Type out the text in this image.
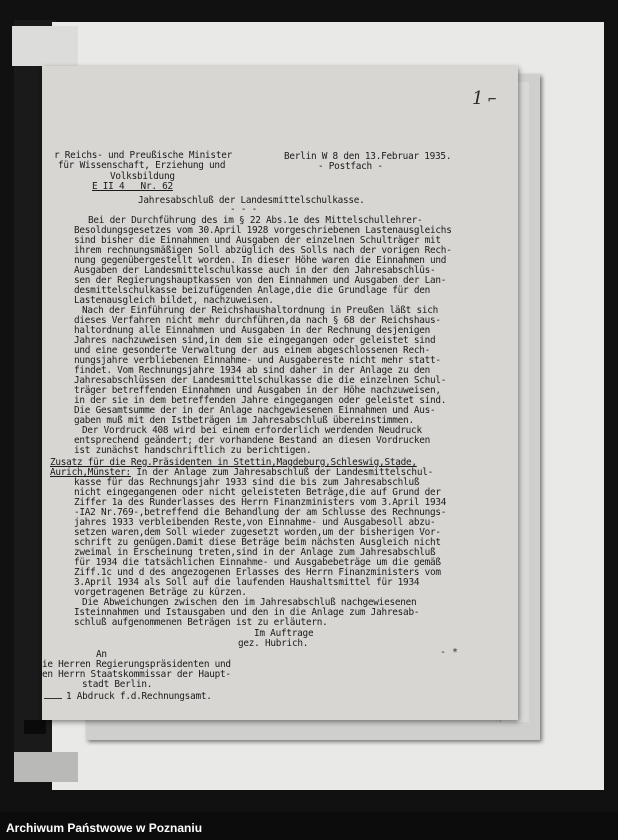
1 ⌐
r Reichs- und Preußische Minister
für Wissenschaft, Erziehung und
Volksbildung
E II 4   Nr. 62
Berlin W 8 den 13.Februar 1935.
- Postfach -
Jahresabschluß der Landesmittelschulkasse.
- - -
Bei der Durchführung des im § 22 Abs.1e des Mittelschullehrer-
Besoldungsgesetzes vom 30.April 1928 vorgeschriebenen Lastenausgleichs
sind bisher die Einnahmen und Ausgaben der einzelnen Schulträger mit
ihrem rechnungsmäßigen Soll abzüglich des Solls nach der vorigen Rech-
nung gegenübergestellt worden. In dieser Höhe waren die Einnahmen und
Ausgaben der Landesmittelschulkasse auch in der den Jahresabschlüs-
sen der Regierungshauptkassen von den Einnahmen und Ausgaben der Lan-
desmittelschulkasse beizufügenden Anlage,die die Grundlage für den
Lastenausgleich bildet, nachzuweisen.
Nach der Einführung der Reichshaushaltordnung in Preußen läßt sich
dieses Verfahren nicht mehr durchführen,da nach § 68 der Reichshaus-
haltordnung alle Einnahmen und Ausgaben in der Rechnung desjenigen
Jahres nachzuweisen sind,in dem sie eingegangen oder geleistet sind
und eine gesonderte Verwaltung der aus einem abgeschlossenen Rech-
nungsjahre verbliebenen Einnahme- und Ausgabereste nicht mehr statt-
findet. Vom Rechnungsjahre 1934 ab sind daher in der Anlage zu den
Jahresabschlüssen der Landesmittelschulkasse die die einzelnen Schul-
träger betreffenden Einnahmen und Ausgaben in der Höhe nachzuweisen,
in der sie in dem betreffenden Jahre eingegangen oder geleistet sind.
Die Gesamtsumme der in der Anlage nachgewiesenen Einnahmen und Aus-
gaben muß mit den Istbeträgen im Jahresabschluß übereinstimmen.
Der Vordruck 408 wird bei einem erforderlich werdenden Neudruck
entsprechend geändert; der vorhandene Bestand an diesen Vordrucken
ist zunächst handschriftlich zu berichtigen.
Zusatz für die Reg.Präsidenten in Stettin,Magdeburg,Schleswig,Stade,
Aurich,Münster: In der Anlage zum Jahresabschluß der Landesmittelschul-
kasse für das Rechnungsjahr 1933 sind die bis zum Jahresabschluß
nicht eingegangenen oder nicht geleisteten Beträge,die auf Grund der
Ziffer 1a des Runderlasses des Herrn Finanzministers vom 3.April 1934
-IA2 Nr.769-,betreffend die Behandlung der am Schlusse des Rechnungs-
jahres 1933 verbleibenden Reste,von Einnahme- und Ausgabesoll abzu-
setzen waren,dem Soll wieder zugesetzt worden,um der bisherigen Vor-
schrift zu genügen.Damit diese Beträge beim nächsten Ausgleich nicht
zweimal in Erscheinung treten,sind in der Anlage zum Jahresabschluß
für 1934 die tatsächlichen Einnahme- und Ausgabebeträge um die gemäß
Ziff.1c und d des angezogenen Erlasses des Herrn Finanzministers vom
3.April 1934 als Soll auf die laufenden Haushaltsmittel für 1934
vorgetragenen Beträge zu kürzen.
Die Abweichungen zwischen den im Jahresabschluß nachgewiesenen
Isteinnahmen und Istausgaben und den in die Anlage zum Jahresab-
schluß aufgenommenen Beträgen ist zu erläutern.
Im Auftrage
gez. Hubrich.
- *
An
ie Herren Regierungspräsidenten und
en Herrn Staatskommissar der Haupt-
stadt Berlin.
1 Abdruck f.d.Rechnungsamt.
Archiwum Państwowe w Poznaniu
